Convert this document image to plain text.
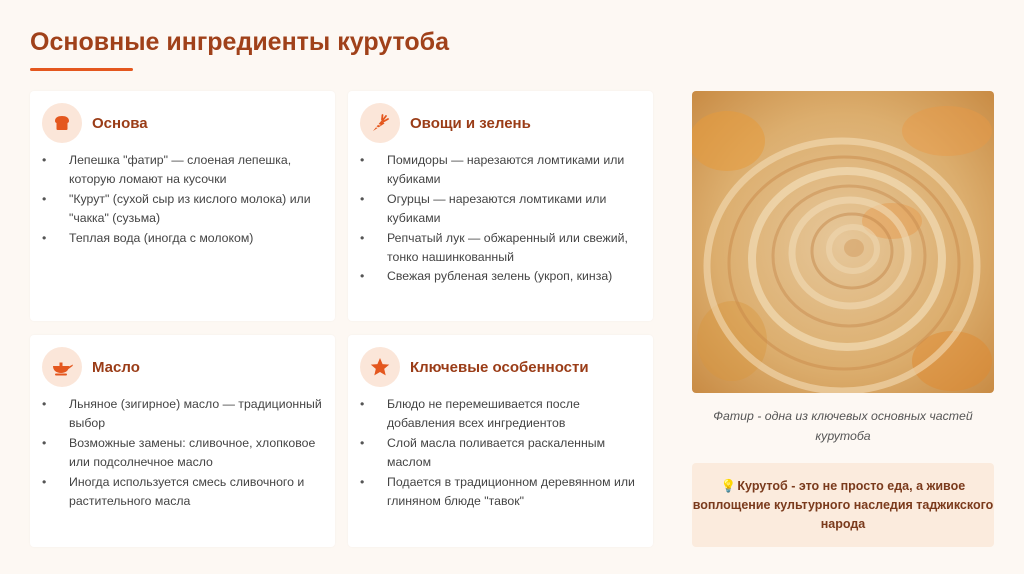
Основные ингредиенты курутоба
Основа
• Лепешка "фатир" — слоеная лепешка, которую ломают на кусочки
• "Курут" (сухой сыр из кислого молока) или "чакка" (сузьма)
• Теплая вода (иногда с молоком)
Овощи и зелень
• Помидоры — нарезаются ломтиками или кубиками
• Огурцы — нарезаются ломтиками или кубиками
• Репчатый лук — обжаренный или свежий, тонко нашинкованный
• Свежая рубленая зелень (укроп, кинза)
Масло
• Льняное (зигирное) масло — традиционный выбор
• Возможные замены: сливочное, хлопковое или подсолнечное масло
• Иногда используется смесь сливочного и растительного масла
Ключевые особенности
• Блюдо не перемешивается после добавления всех ингредиентов
• Слой масла поливается раскаленным маслом
• Подается в традиционном деревянном или глиняном блюде "тавок"
Фатир - одна из ключевых основных частей курутоба
💡Курутоб - это не просто еда, а живое воплощение культурного наследия таджикского народа
